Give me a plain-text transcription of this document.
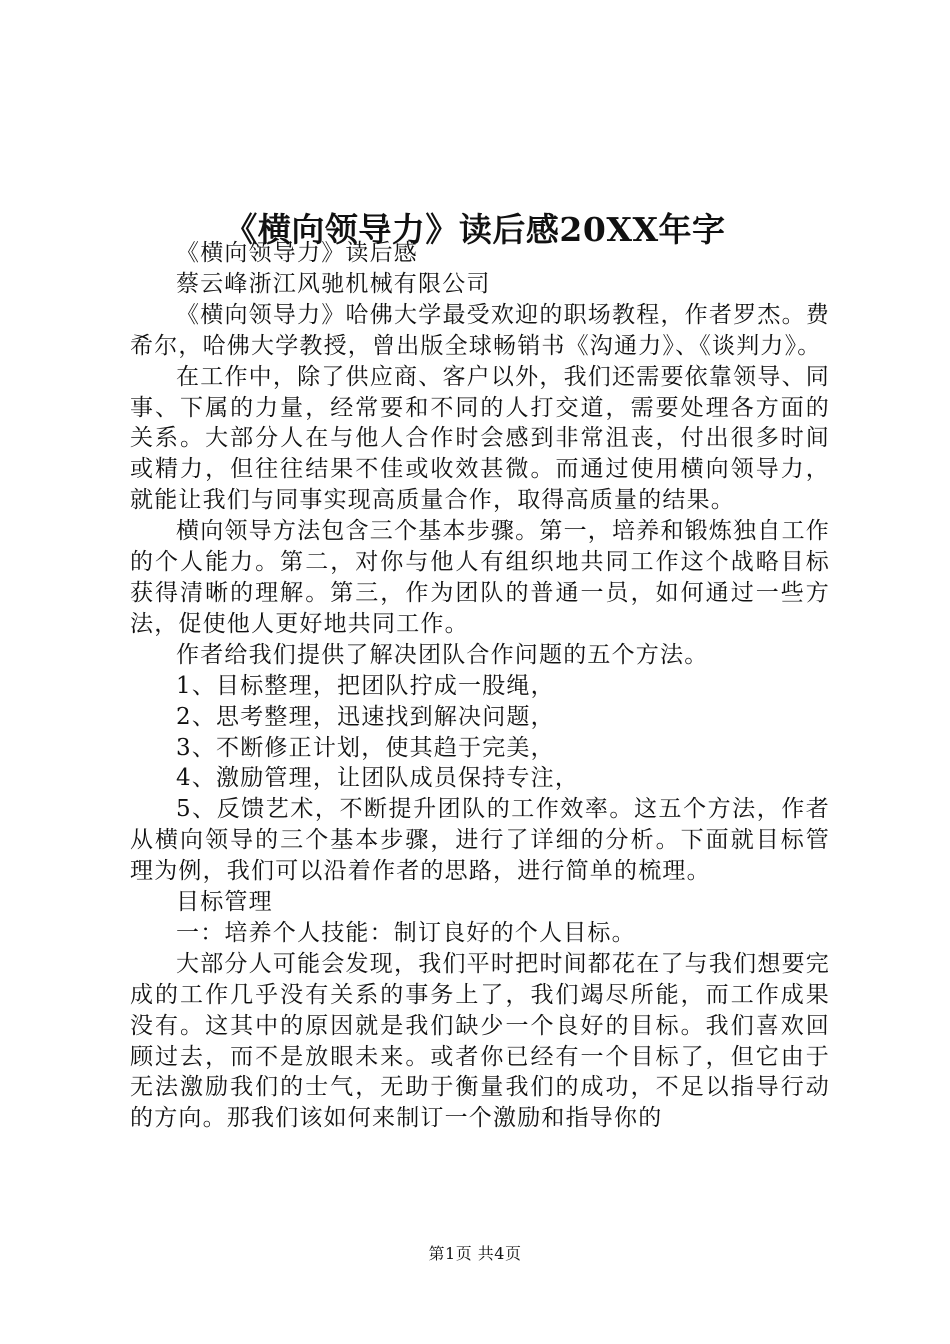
《横向领导力》读后感20XX年字

《横向领导力》读后感

蔡云峰浙江风驰机械有限公司

《横向领导力》哈佛大学最受欢迎的职场教程，作者罗杰。费希尔，哈佛大学教授，曾出版全球畅销书《沟通力》、《谈判力》。

在工作中，除了供应商、客户以外，我们还需要依靠领导、同事、下属的力量，经常要和不同的人打交道，需要处理各方面的关系。大部分人在与他人合作时会感到非常沮丧，付出很多时间或精力，但往往结果不佳或收效甚微。而通过使用横向领导力，就能让我们与同事实现高质量合作，取得高质量的结果。

横向领导方法包含三个基本步骤。第一，培养和锻炼独自工作的个人能力。第二，对你与他人有组织地共同工作这个战略目标获得清晰的理解。第三，作为团队的普通一员，如何通过一些方法，促使他人更好地共同工作。

作者给我们提供了解决团队合作问题的五个方法。

1、目标整理，把团队拧成一股绳，

2、思考整理，迅速找到解决问题，

3、不断修正计划，使其趋于完美，

4、激励管理，让团队成员保持专注，

5、反馈艺术，不断提升团队的工作效率。这五个方法，作者从横向领导的三个基本步骤，进行了详细的分析。下面就目标管理为例，我们可以沿着作者的思路，进行简单的梳理。

目标管理

一：培养个人技能：制订良好的个人目标。

大部分人可能会发现，我们平时把时间都花在了与我们想要完成的工作几乎没有关系的事务上了，我们竭尽所能，而工作成果没有。这其中的原因就是我们缺少一个良好的目标。我们喜欢回顾过去，而不是放眼未来。或者你已经有一个目标了，但它由于无法激励我们的士气，无助于衡量我们的成功，不足以指导行动的方向。那我们该如何来制订一个激励和指导你的

第1页 共4页
